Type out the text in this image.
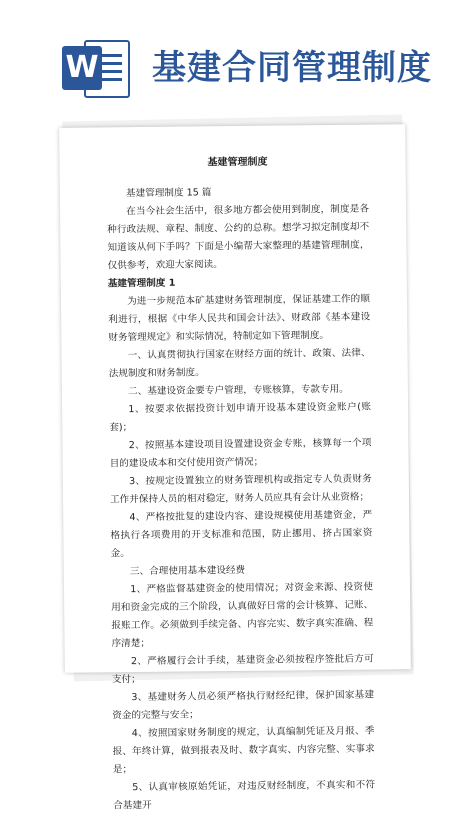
W 基建合同管理制度
基建管理制度

基建管理制度 15 篇

在当今社会生活中，很多地方都会使用到制度，制度是各种行政法规、章程、制度、公约的总称。想学习拟定制度却不知道该从何下手吗？下面是小编帮大家整理的基建管理制度，仅供参考，欢迎大家阅读。

基建管理制度 1

为进一步规范本矿基建财务管理制度，保证基建工作的顺利进行，根据《中华人民共和国会计法》、财政部《基本建设财务管理规定》和实际情况，特制定如下管理制度。

一、认真贯彻执行国家在财经方面的统计、政策、法律、法规制度和财务制度。

二、基建设资金要专户管理，专账核算，专款专用。

1、按要求依据投资计划申请开设基本建设资金账户(账套)；

2、按照基本建设项目设置建设资金专账，核算每一个项目的建设成本和交付使用资产情况；

3、按规定设置独立的财务管理机构或指定专人负责财务工作并保持人员的相对稳定，财务人员应具有会计从业资格；

4、严格按批复的建设内容、建设规模使用基建资金，严格执行各项费用的开支标准和范围，防止挪用、挤占国家资金。

三、合理使用基本建设经费

1、严格监督基建资金的使用情况；对资金来源、投资使用和资金完成的三个阶段，认真做好日常的会计核算、记账、报账工作。必须做到手续完备、内容完实、数字真实准确、程序清楚；

2、严格履行会计手续，基建资金必须按程序签批后方可支付；

3、基建财务人员必须严格执行财经纪律，保护国家基建资金的完整与安全；

4、按照国家财务制度的规定，认真编制凭证及月报、季报、年终计算，做到报表及时、数字真实、内容完整、实事求是；

5、认真审核原始凭证，对违反财经制度，不真实和不符合基建开
